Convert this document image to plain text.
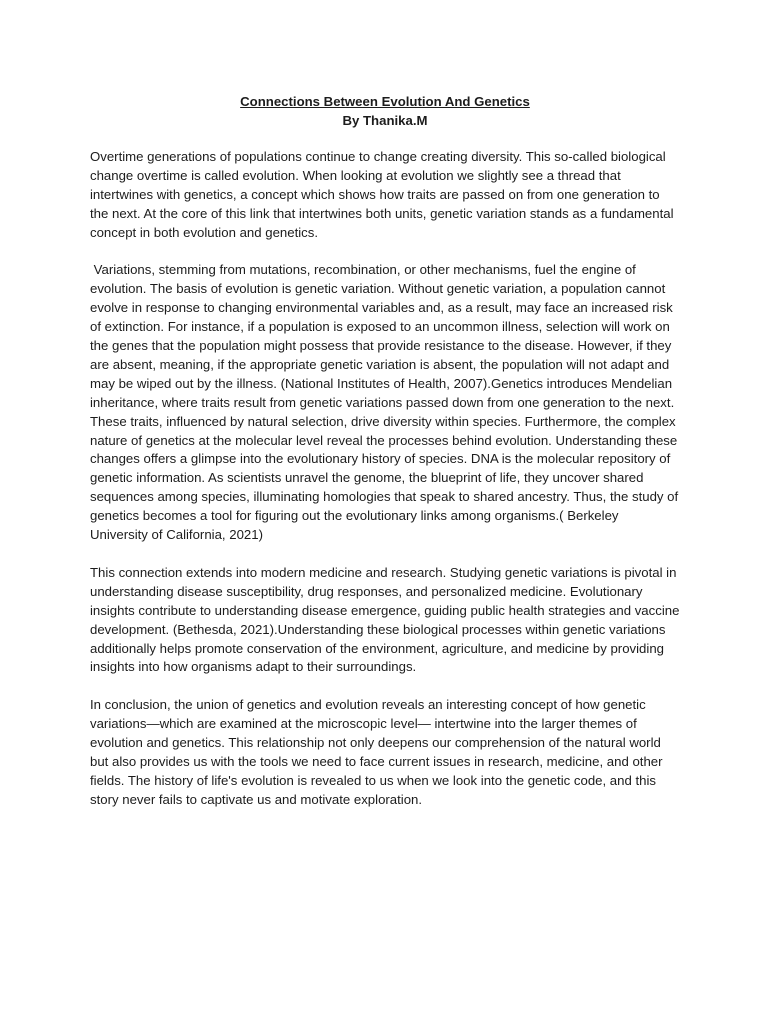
Connections Between Evolution And Genetics

By Thanika.M

Overtime generations of populations continue to change creating diversity. This so-called biological change overtime is called evolution. When looking at evolution we slightly see a thread that intertwines with genetics, a concept which shows how traits are passed on from one generation to the next. At the core of this link that intertwines both units, genetic variation stands as a fundamental concept in both evolution and genetics.

Variations, stemming from mutations, recombination, or other mechanisms, fuel the engine of evolution. The basis of evolution is genetic variation. Without genetic variation, a population cannot evolve in response to changing environmental variables and, as a result, may face an increased risk of extinction. For instance, if a population is exposed to an uncommon illness, selection will work on the genes that the population might possess that provide resistance to the disease. However, if they are absent, meaning, if the appropriate genetic variation is absent, the population will not adapt and may be wiped out by the illness. (National Institutes of Health, 2007).Genetics introduces Mendelian inheritance, where traits result from genetic variations passed down from one generation to the next. These traits, influenced by natural selection, drive diversity within species. Furthermore, the complex nature of genetics at the molecular level reveal the processes behind evolution. Understanding these changes offers a glimpse into the evolutionary history of species. DNA is the molecular repository of genetic information. As scientists unravel the genome, the blueprint of life, they uncover shared sequences among species, illuminating homologies that speak to shared ancestry. Thus, the study of genetics becomes a tool for figuring out the evolutionary links among organisms.( Berkeley University of California, 2021)

This connection extends into modern medicine and research. Studying genetic variations is pivotal in understanding disease susceptibility, drug responses, and personalized medicine. Evolutionary insights contribute to understanding disease emergence, guiding public health strategies and vaccine development. (Bethesda, 2021).Understanding these biological processes within genetic variations additionally helps promote conservation of the environment, agriculture, and medicine by providing insights into how organisms adapt to their surroundings.

In conclusion, the union of genetics and evolution reveals an interesting concept of how genetic variations—which are examined at the microscopic level— intertwine into the larger themes of evolution and genetics. This relationship not only deepens our comprehension of the natural world but also provides us with the tools we need to face current issues in research, medicine, and other fields. The history of life's evolution is revealed to us when we look into the genetic code, and this story never fails to captivate us and motivate exploration.
